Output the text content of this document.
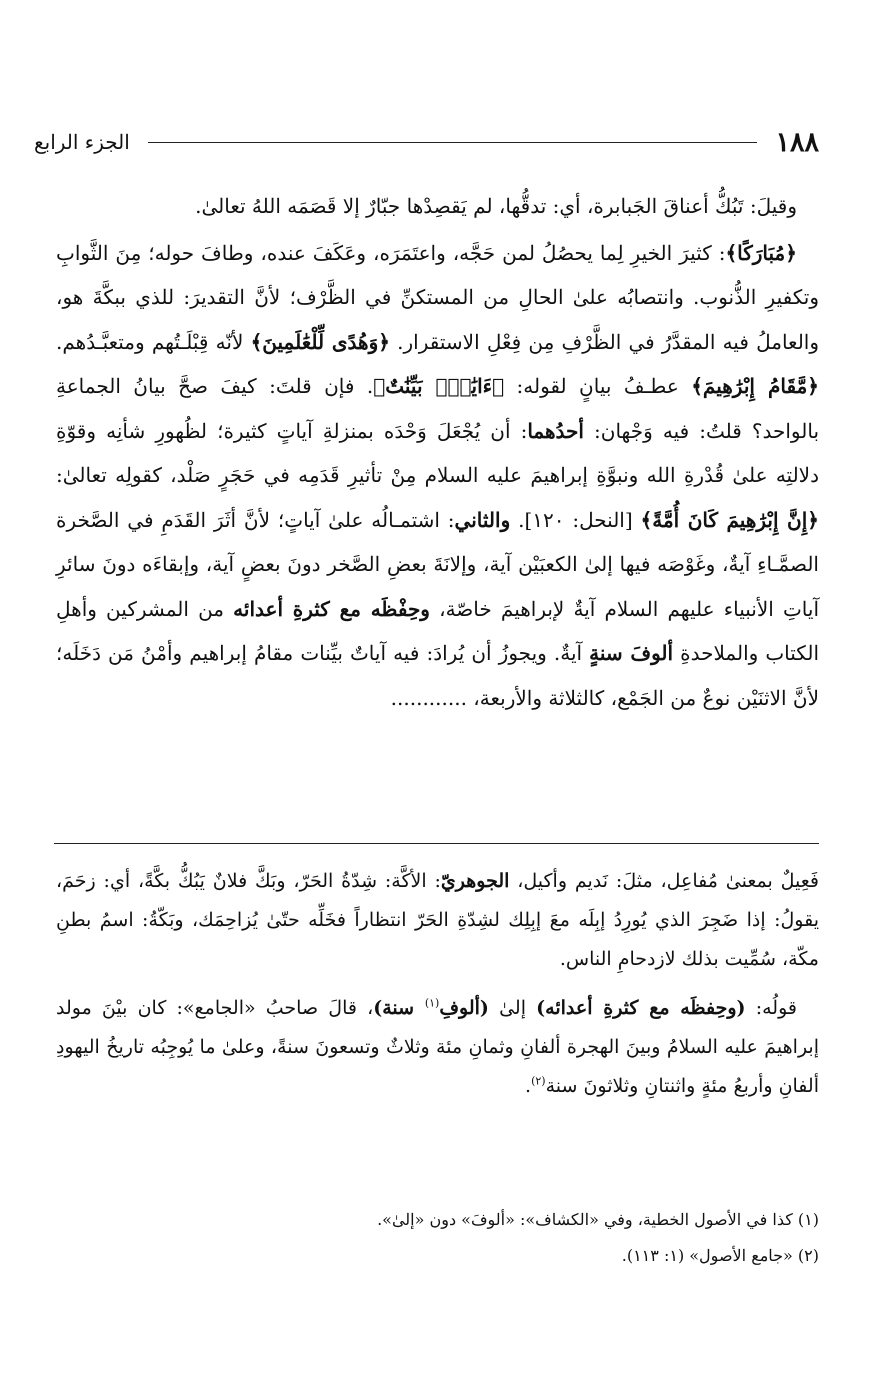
١٨٨
الجزء الرابع

وقيلَ: تَبُكُّ أعناقَ الجَبابرة، أي: تدقُّها، لم يَقصِدْها جبّارٌ إلا قَصَمَه اللهُ تعالىٰ.

﴿مُبَارَكًا﴾: كثيرَ الخيرِ لِما يحصُلُ لمن حَجَّه، واعتَمَرَه، وعَكَفَ عنده، وطافَ حوله؛ مِنَ الثَّوابِ وتكفيرِ الذُّنوب. وانتصابُه علىٰ الحالِ من المستكنِّ في الظَّرْف؛ لأنَّ التقديرَ: للذي ببكَّةَ هو، والعاملُ فيه المقدَّرُ في الظَّرْفِ مِن فِعْلِ الاستقرار. ﴿وَهُدًى لِّلْعَٰلَمِينَ﴾ لأنّه قِبْلَـتُهم ومتعبَّـدُهم. ﴿مَّقَامُ إِبْرَٰهِيمَ﴾ عطـفُ بيانٍ لقوله: ﴿ءَايَٰتٌۢ بَيِّنَٰتٌ﴾. فإن قلتَ: كيفَ صحَّ بيانُ الجماعةِ بالواحد؟ قلتُ: فيه وَجْهان: أحدُهما: أن يُجْعَلَ وَحْدَه بمنزلةِ آياتٍ كثيرة؛ لظُهورِ شأنِه وقوّةِ دلالتِه علىٰ قُدْرةِ الله ونبوَّةِ إبراهيمَ عليه السلام مِنْ تأثيرِ قَدَمِه في حَجَرٍ صَلْد، كقولِه تعالىٰ: ﴿إِنَّ إِبْرَٰهِيمَ كَانَ أُمَّةً﴾ [النحل: ١٢٠]. والثاني: اشتمـالُه علىٰ آياتٍ؛ لأنَّ أثَرَ القَدَمِ في الصَّخرة الصمَّـاءِ آيةٌ، وغَوْصَه فيها إلىٰ الكعبَيْن آية، وإلانَةَ بعضِ الصَّخر دونَ بعضٍ آية، وإبقاءَه دونَ سائرِ آياتِ الأنبياء عليهم السلام آيةٌ لإبراهيمَ خاصّة، وحِفْظَه مع كثرةِ أعدائه من المشركين وأهلِ الكتاب والملاحدةِ ألوفَ سنةٍ آيةٌ. ويجوزُ أن يُرادَ: فيه آياتٌ بيِّنات مقامُ إبراهيم وأمْنُ مَن دَخَلَه؛ لأنَّ الاثنَيْن نوعٌ من الجَمْع، كالثلاثة والأربعة، ............

فَعِيلٌ بمعنىٰ مُفاعِل، مثلَ: نَديم وأكيل، الجوهريّ: الأكَّة: شِدّةُ الحَرّ، وبَكَّ فلانٌ يَبُكُّ بكَّةً، أي: زحَمَ، يقولُ: إذا ضَجِرَ الذي يُورِدُ إبِلَه معَ إبِلِك لشِدّةِ الحَرّ انتظاراً فخَلِّه حتّىٰ يُزاحِمَك، وبَكّةُ: اسمُ بطنِ مكّة، سُمِّيت بذلك لازدحامِ الناس.

قولُه: (وحِفظَه مع كثرةِ أعدائه) إلىٰ (ألوفِ$^{(١)}$ سنة)، قالَ صاحبُ «الجامع»: كان بيْنَ مولد إبراهيمَ عليه السلامُ وبينَ الهجرة ألفانِ وثمانِ مئة وثلاثٌ وتسعونَ سنةً، وعلىٰ ما يُوجِبُه تاريخُ اليهودِ ألفانِ وأربعُ مئةٍ واثنتانِ وثلاثونَ سنة$^{(٢)}$.

(١) كذا في الأصول الخطية، وفي «الكشاف»: «ألوفَ» دون «إلىٰ».

(٢) «جامع الأصول» (١: ١١٣).
